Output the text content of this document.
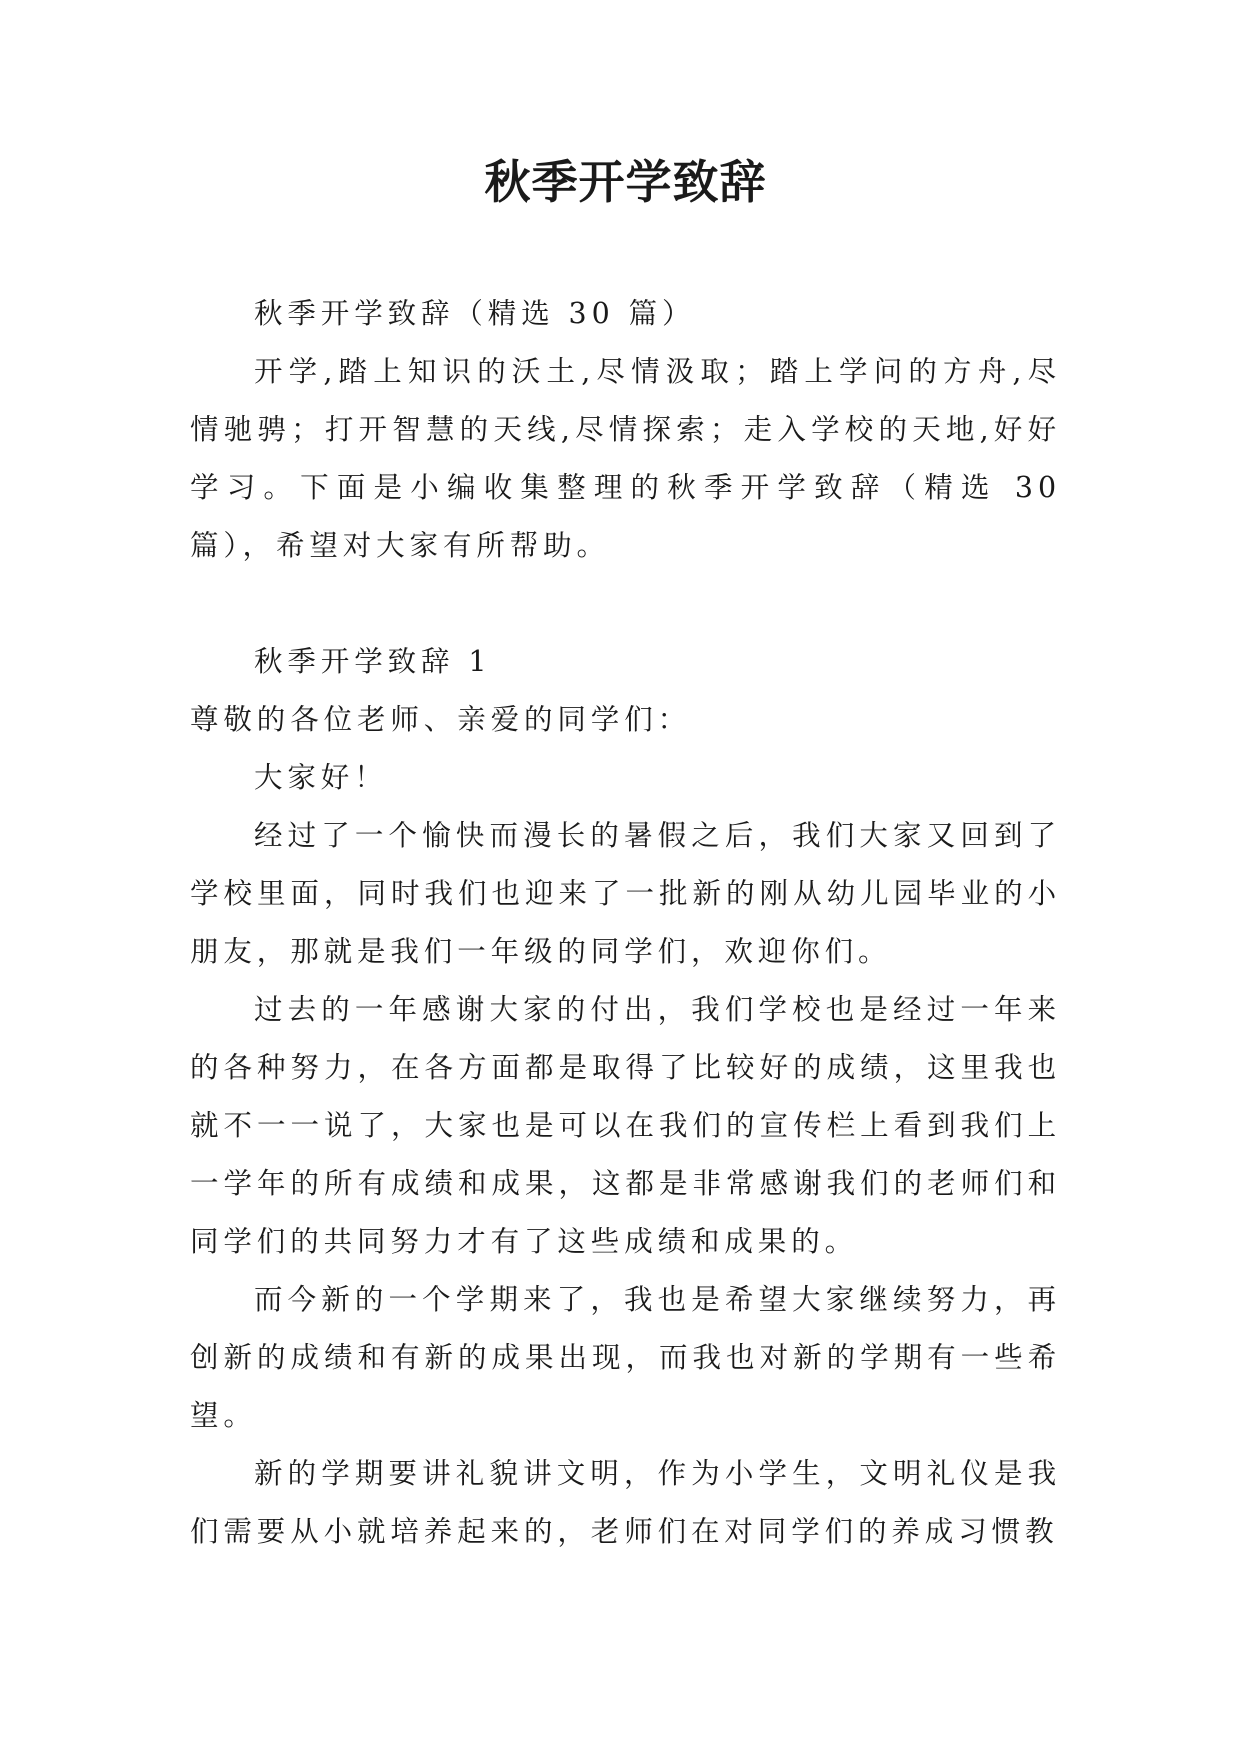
秋季开学致辞

秋季开学致辞（精选 30 篇）

开学,踏上知识的沃土,尽情汲取；踏上学问的方舟,尽情驰骋；打开智慧的天线,尽情探索；走入学校的天地,好好学习。下面是小编收集整理的秋季开学致辞（精选 30 篇），希望对大家有所帮助。

秋季开学致辞 1

尊敬的各位老师、亲爱的同学们：

大家好！

经过了一个愉快而漫长的暑假之后，我们大家又回到了学校里面，同时我们也迎来了一批新的刚从幼儿园毕业的小朋友，那就是我们一年级的同学们，欢迎你们。

过去的一年感谢大家的付出，我们学校也是经过一年来的各种努力，在各方面都是取得了比较好的成绩，这里我也就不一一说了，大家也是可以在我们的宣传栏上看到我们上一学年的所有成绩和成果，这都是非常感谢我们的老师们和同学们的共同努力才有了这些成绩和成果的。

而今新的一个学期来了，我也是希望大家继续努力，再创新的成绩和有新的成果出现，而我也对新的学期有一些希望。

新的学期要讲礼貌讲文明，作为小学生，文明礼仪是我们需要从小就培养起来的，老师们在对同学们的养成习惯教
